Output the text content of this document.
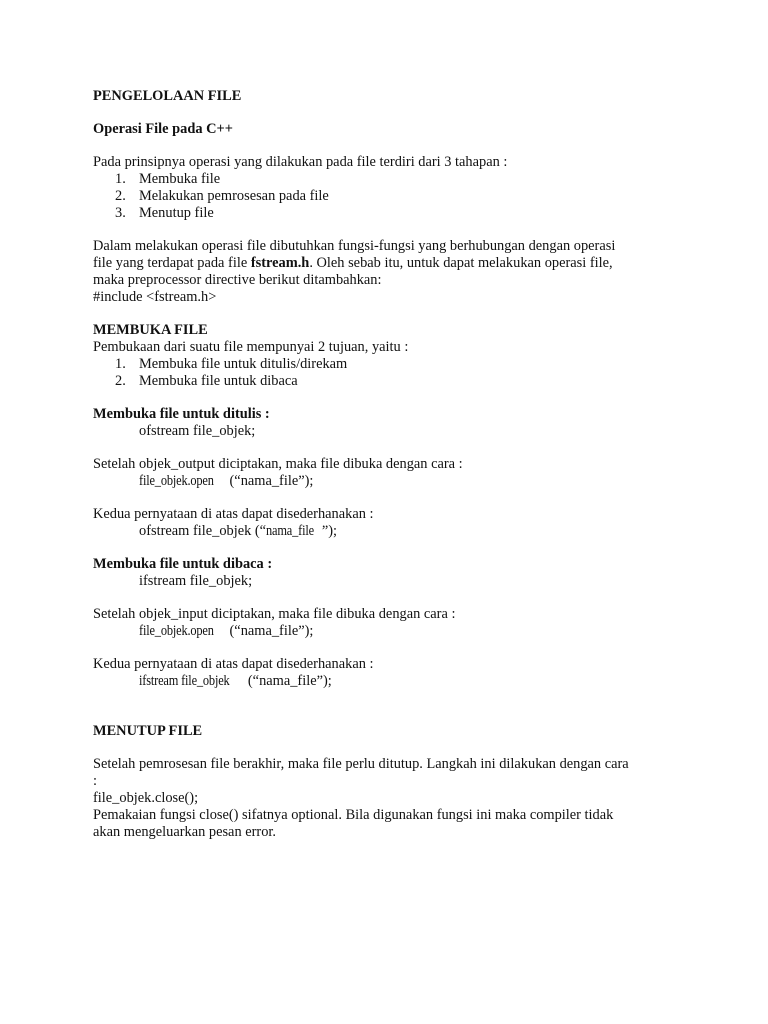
PENGELOLAAN FILE
Operasi File pada C++
Pada prinsipnya operasi yang dilakukan pada file terdiri dari 3 tahapan :
1. Membuka file
2. Melakukan pemrosesan pada file
3. Menutup file
Dalam melakukan operasi file dibutuhkan fungsi-fungsi yang berhubungan dengan operasi
file yang terdapat pada file fstream.h. Oleh sebab itu, untuk dapat melakukan operasi file,
maka preprocessor directive berikut ditambahkan:
#include <fstream.h>
MEMBUKA FILE
Pembukaan dari suatu file mempunyai 2 tujuan, yaitu :
1. Membuka file untuk ditulis/direkam
2. Membuka file untuk dibaca
Membuka file untuk ditulis :
ofstream file_objek;
Setelah objek_output diciptakan, maka file dibuka dengan cara :
file_objek.open (“nama_file”);
Kedua pernyataan di atas dapat disederhanakan :
ofstream file_objek (“nama_file ”);
Membuka file untuk dibaca :
ifstream file_objek;
Setelah objek_input diciptakan, maka file dibuka dengan cara :
file_objek.open (“nama_file”);
Kedua pernyataan di atas dapat disederhanakan :
ifstream file_objek (“nama_file”);
MENUTUP FILE
Setelah pemrosesan file berakhir, maka file perlu ditutup. Langkah ini dilakukan dengan cara
:
file_objek.close();
Pemakaian fungsi close() sifatnya optional. Bila digunakan fungsi ini maka compiler tidak
akan mengeluarkan pesan error.
